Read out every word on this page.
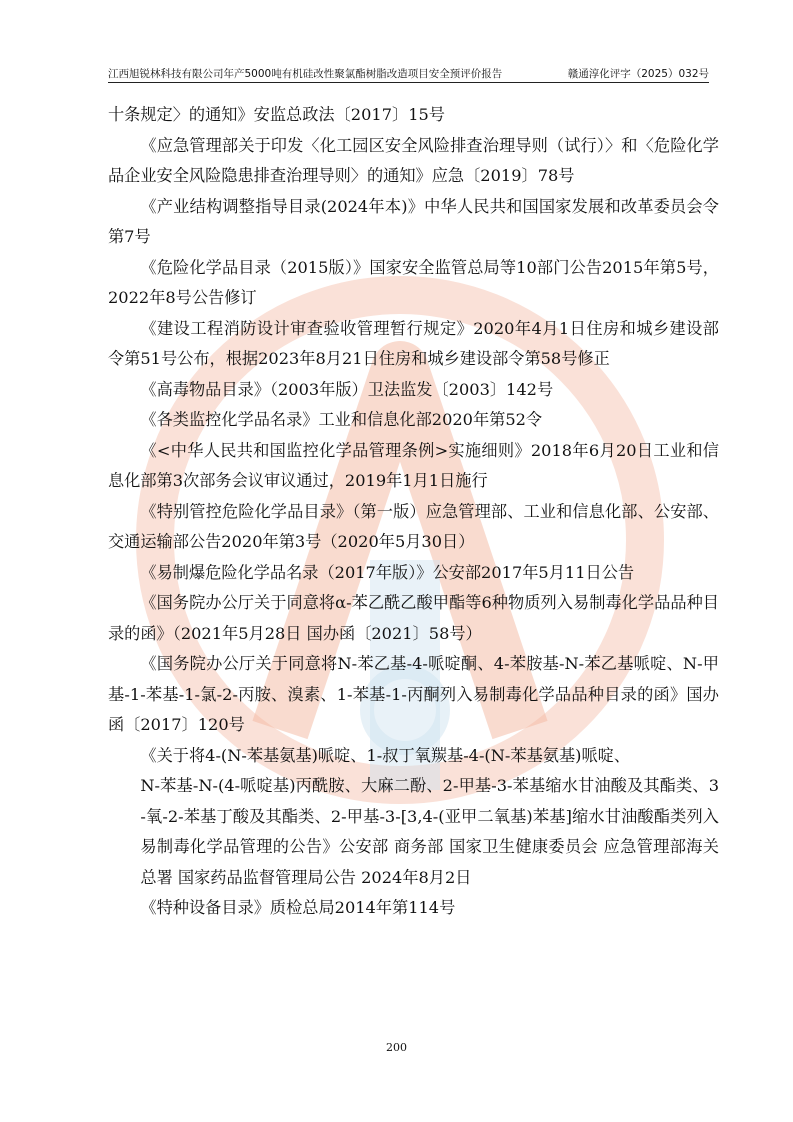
江西旭锐林科技有限公司年产5000吨有机硅改性聚氯酯树脂改造项目安全预评价报告	赣通淳化评字（2025）032号

十条规定〉的通知》安监总政法〔2017〕15号

《应急管理部关于印发〈化工园区安全风险排查治理导则（试行）〉和〈危险化学品企业安全风险隐患排查治理导则〉的通知》应急〔2019〕78号

《产业结构调整指导目录(2024年本)》中华人民共和国国家发展和改革委员会令第7号

《危险化学品目录（2015版）》国家安全监管总局等10部门公告2015年第5号，2022年8号公告修订

《建设工程消防设计审查验收管理暂行规定》2020年4月1日住房和城乡建设部令第51号公布，根据2023年8月21日住房和城乡建设部令第58号修正

《高毒物品目录》（2003年版）卫法监发〔2003〕142号

《各类监控化学品名录》工业和信息化部2020年第52令

《<中华人民共和国监控化学品管理条例>实施细则》2018年6月20日工业和信息化部第3次部务会议审议通过，2019年1月1日施行

《特别管控危险化学品目录》（第一版）应急管理部、工业和信息化部、公安部、交通运输部公告2020年第3号（2020年5月30日）

《易制爆危险化学品名录（2017年版）》公安部2017年5月11日公告

《国务院办公厅关于同意将α-苯乙酰乙酸甲酯等6种物质列入易制毒化学品品种目录的函》（2021年5月28日 国办函〔2021〕58号）

《国务院办公厅关于同意将N-苯乙基-4-哌啶酮、4-苯胺基-N-苯乙基哌啶、N-甲基-1-苯基-1-氯-2-丙胺、溴素、1-苯基-1-丙酮列入易制毒化学品品种目录的函》国办函〔2017〕120号

《关于将4-(N-苯基氨基)哌啶、1-叔丁氧羰基-4-(N-苯基氨基)哌啶、

N-苯基-N-(4-哌啶基)丙酰胺、大麻二酚、2-甲基-3-苯基缩水甘油酸及其酯类、3-氧-2-苯基丁酸及其酯类、2-甲基-3-[3,4-(亚甲二氧基)苯基]缩水甘油酸酯类列入易制毒化学品管理的公告》公安部 商务部 国家卫生健康委员会 应急管理部海关总署 国家药品监督管理局公告 2024年8月2日

《特种设备目录》质检总局2014年第114号

200
